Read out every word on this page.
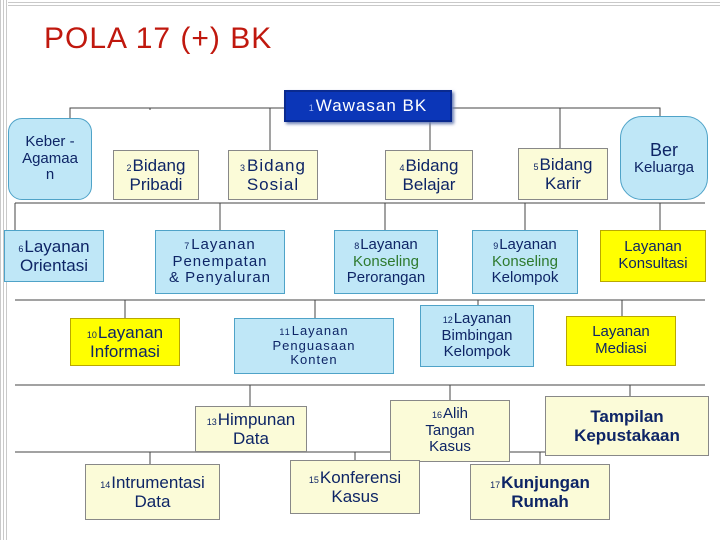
POLA 17 (+) BK
1Wawasan BK
Keber -
Agamaa
n
Ber
Keluarga
2Bidang
Pribadi
3Bidang
Sosial
4Bidang
Belajar
5Bidang
Karir
6Layanan
Orientasi
7Layanan
Penempatan
& Penyaluran
8Layanan
Konseling
Perorangan
9Layanan
Konseling
Kelompok
Layanan
Konsultasi
10Layanan
Informasi
11Layanan
Penguasaan
Konten
12Layanan
Bimbingan
Kelompok
Layanan
Mediasi
13Himpunan
Data
16Alih
Tangan
Kasus
Tampilan
Kepustakaan
14Intrumentasi
Data
15Konferensi
Kasus
17Kunjungan
Rumah
